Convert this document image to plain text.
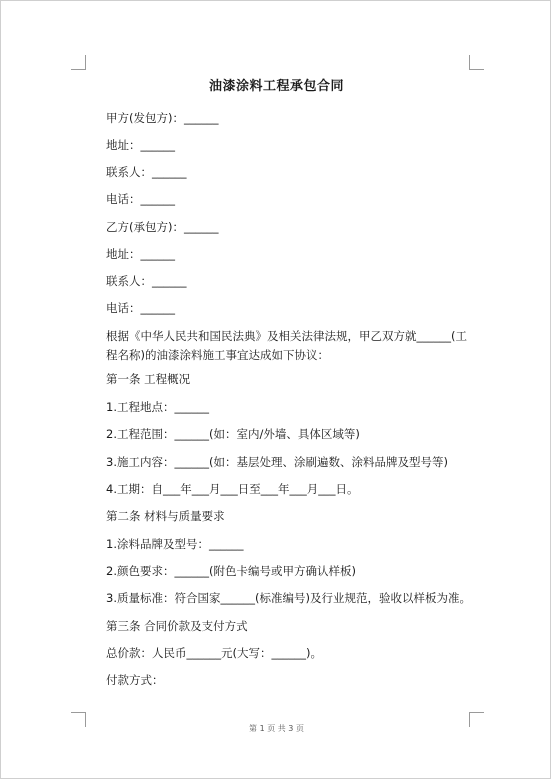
油漆涂料工程承包合同
甲方(发包方)：______
地址：______
联系人：______
电话：______
乙方(承包方)：______
地址：______
联系人：______
电话：______
根据《中华人民共和国民法典》及相关法律法规，甲乙双方就______(工程名称)的油漆涂料施工事宜达成如下协议：
第一条 工程概况
1.工程地点：______
2.工程范围：______(如：室内/外墙、具体区域等)
3.施工内容：______(如：基层处理、涂刷遍数、涂料品牌及型号等)
4.工期：自___年___月___日至___年___月___日。
第二条 材料与质量要求
1.涂料品牌及型号：______
2.颜色要求：______(附色卡编号或甲方确认样板)
3.质量标准：符合国家______(标准编号)及行业规范，验收以样板为准。
第三条 合同价款及支付方式
总价款：人民币______元(大写：______)。
付款方式：
第 1 页 共 3 页
